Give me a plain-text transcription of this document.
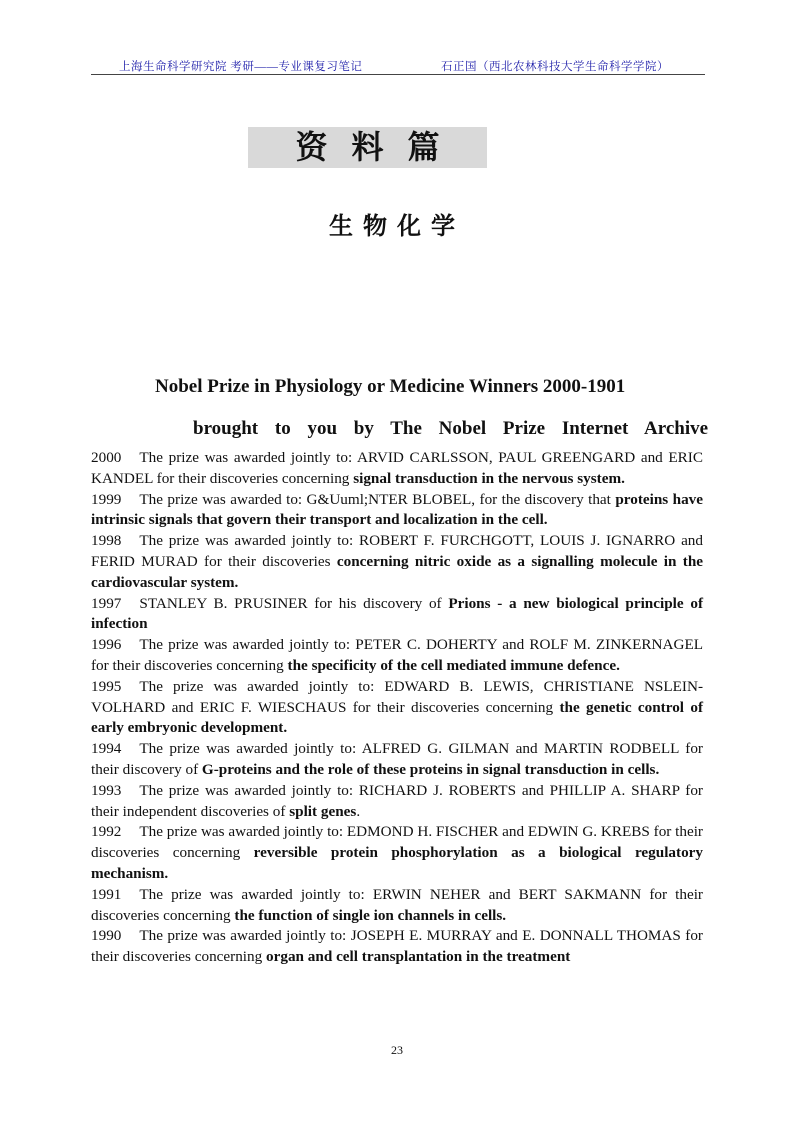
上海生命科学研究院 考研——专业课复习笔记	石正国（西北农林科技大学生命科学学院）
资料篇
生物化学
Nobel Prize in Physiology or Medicine Winners 2000-1901
brought to you by The Nobel Prize Internet Archive

2000 The prize was awarded jointly to: ARVID CARLSSON, PAUL GREENGARD and ERIC KANDEL for their discoveries concerning signal transduction in the nervous system.

1999 The prize was awarded to: G&Uuml;NTER BLOBEL, for the discovery that proteins have intrinsic signals that govern their transport and localization in the cell.

1998 The prize was awarded jointly to: ROBERT F. FURCHGOTT, LOUIS J. IGNARRO and FERID MURAD for their discoveries concerning nitric oxide as a signalling molecule in the cardiovascular system.

1997 STANLEY B. PRUSINER for his discovery of Prions - a new biological principle of infection

1996 The prize was awarded jointly to: PETER C. DOHERTY and ROLF M. ZINKERNAGEL for their discoveries concerning the specificity of the cell mediated immune defence.

1995 The prize was awarded jointly to: EDWARD B. LEWIS, CHRISTIANE NSLEIN-VOLHARD and ERIC F. WIESCHAUS for their discoveries concerning the genetic control of early embryonic development.

1994 The prize was awarded jointly to: ALFRED G. GILMAN and MARTIN RODBELL for their discovery of G-proteins and the role of these proteins in signal transduction in cells.

1993 The prize was awarded jointly to: RICHARD J. ROBERTS and PHILLIP A. SHARP for their independent discoveries of split genes.

1992 The prize was awarded jointly to: EDMOND H. FISCHER and EDWIN G. KREBS for their discoveries concerning reversible protein phosphorylation as a biological regulatory mechanism.

1991 The prize was awarded jointly to: ERWIN NEHER and BERT SAKMANN for their discoveries concerning the function of single ion channels in cells.

1990 The prize was awarded jointly to: JOSEPH E. MURRAY and E. DONNALL THOMAS for their discoveries concerning organ and cell transplantation in the treatment

23
